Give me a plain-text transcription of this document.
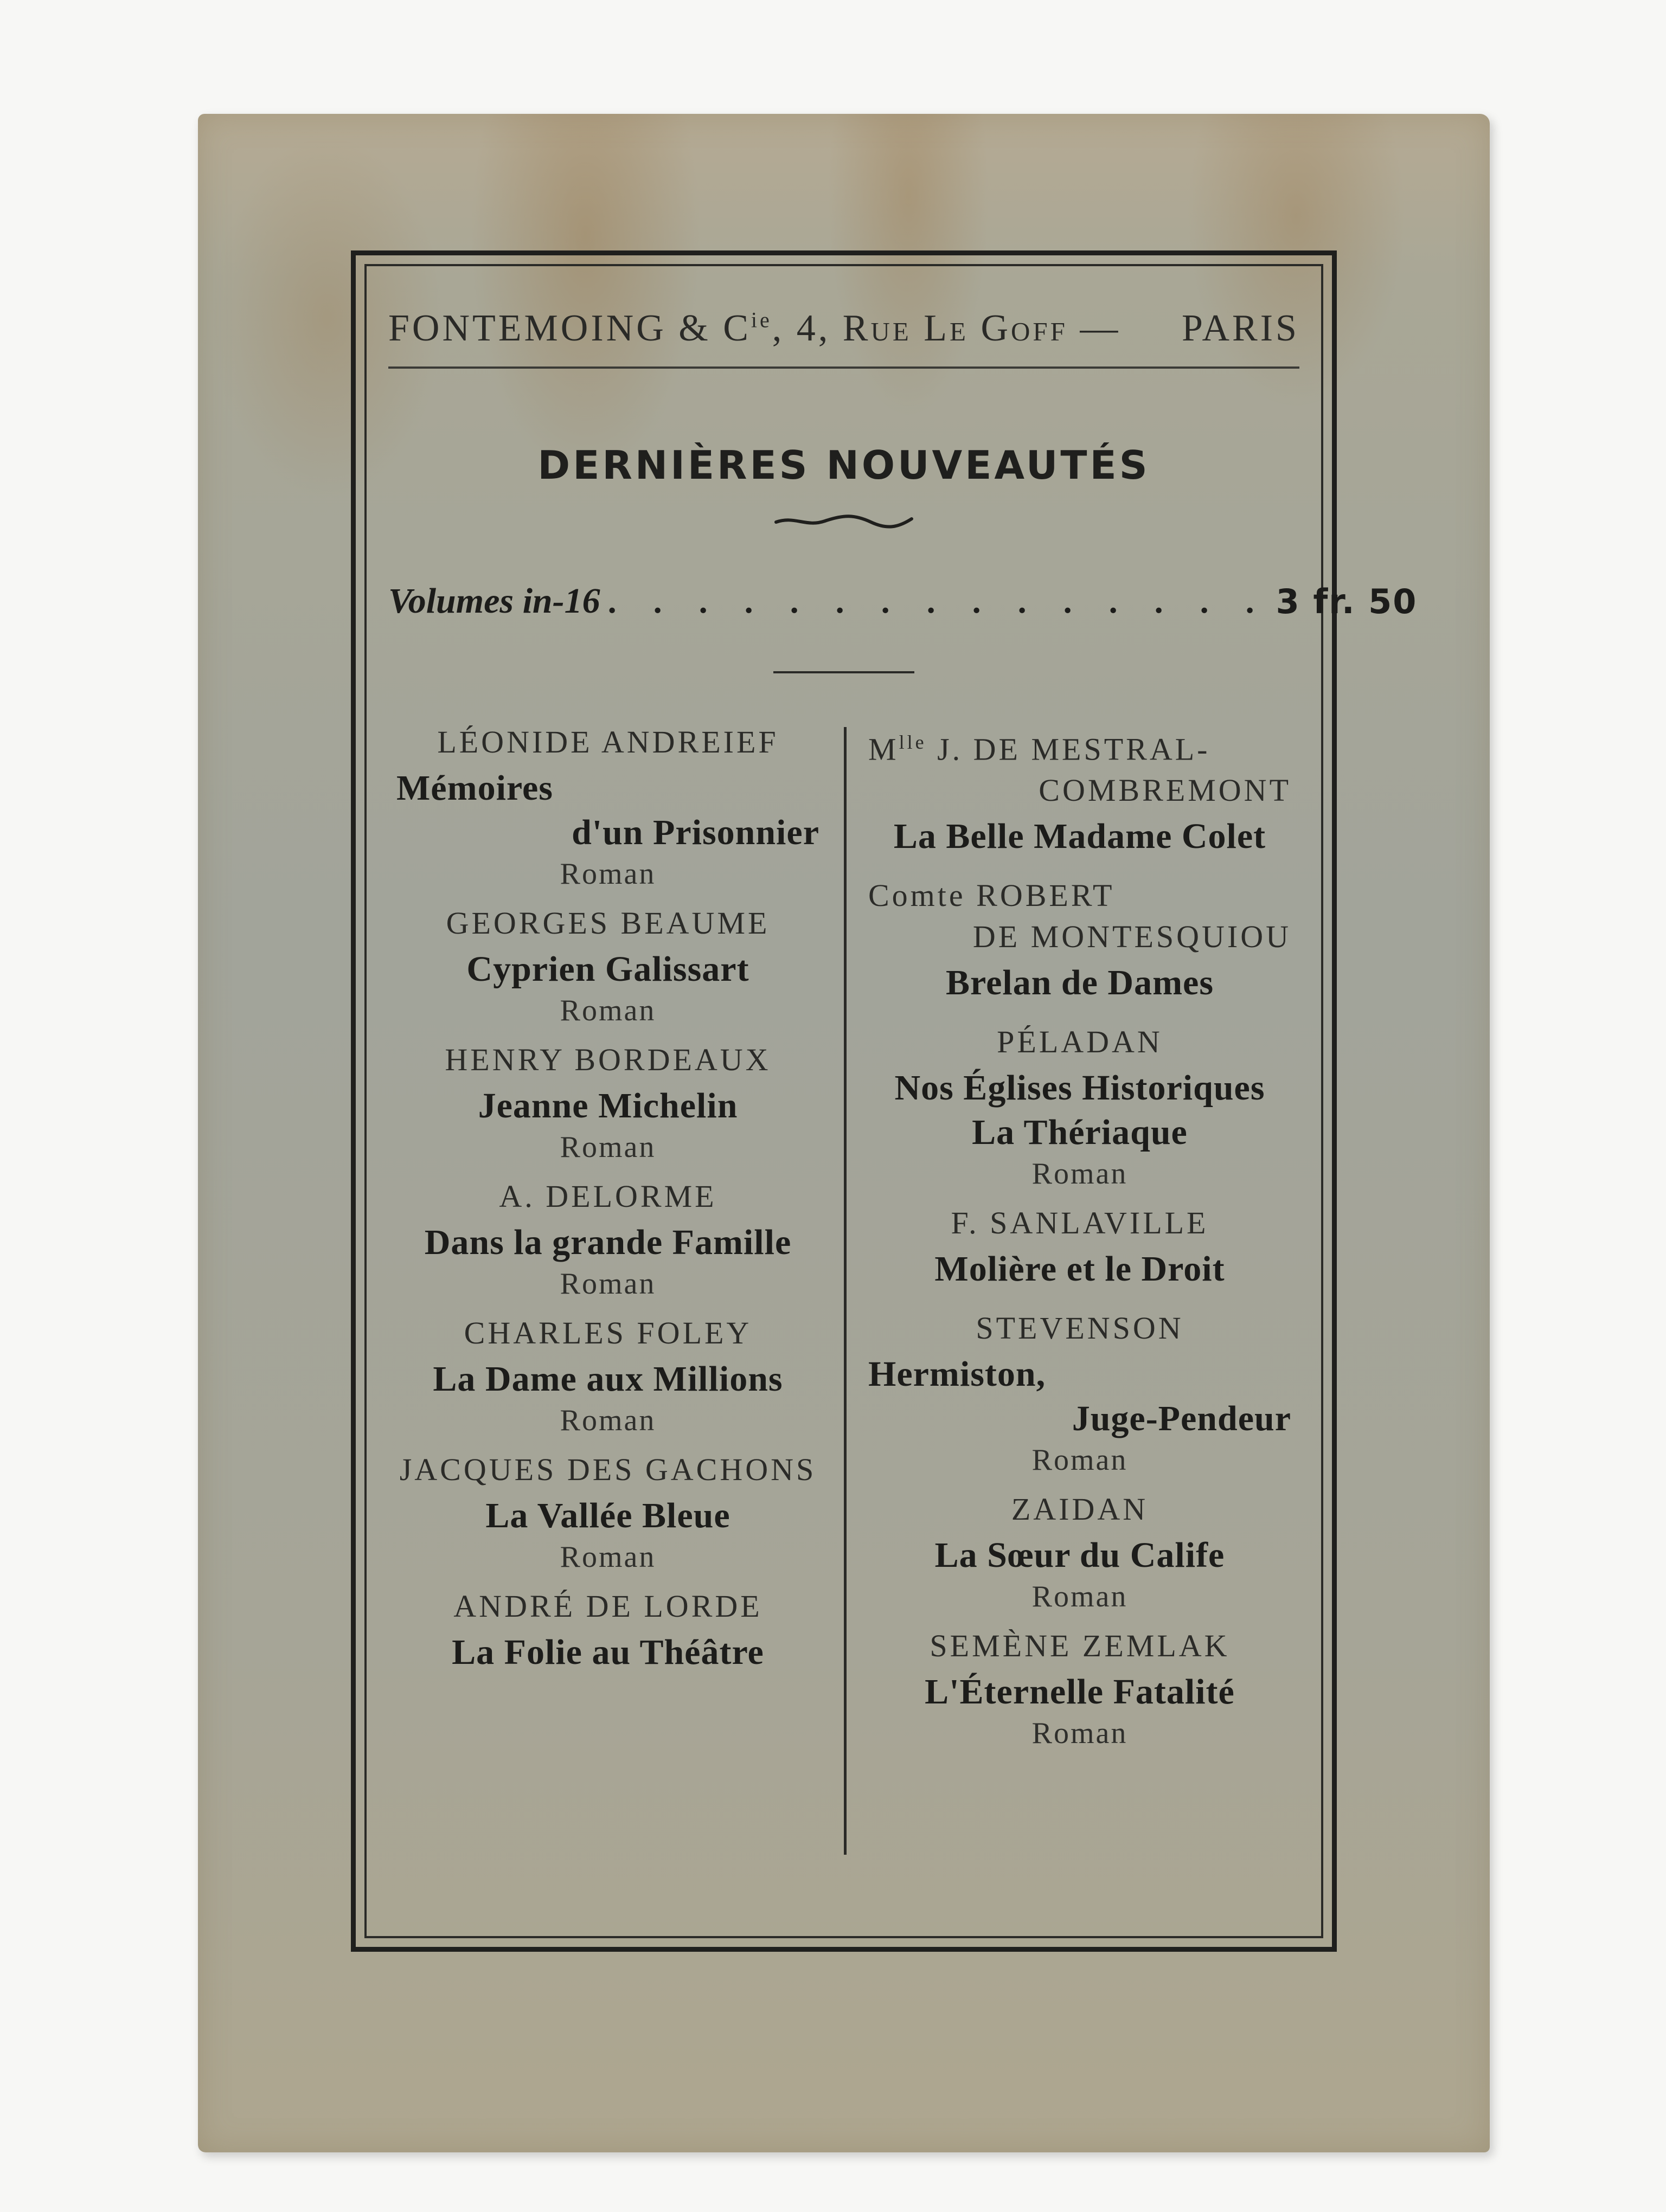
FONTEMOING & $C^{ie}$, 4, Rue Le Goff — PARIS
DERNIÈRES NOUVEAUTÉS
Volumes in-16 . . . . . . . . . . . . . . . 3 fr. 50
LÉONIDE ANDREIEF
Mémoires
d'un Prisonnier
Roman
GEORGES BEAUME
Cyprien Galissart
Roman
HENRY BORDEAUX
Jeanne Michelin
Roman
A. DELORME
Dans la grande Famille
Roman
CHARLES FOLEY
La Dame aux Millions
Roman
JACQUES DES GACHONS
La Vallée Bleue
Roman
ANDRÉ DE LORDE
La Folie au Théâtre
$M^{lle}$ J. DE MESTRAL-
COMBREMONT
La Belle Madame Colet
Comte ROBERT
DE MONTESQUIOU
Brelan de Dames
PÉLADAN
Nos Églises Historiques
La Thériaque
Roman
F. SANLAVILLE
Molière et le Droit
STEVENSON
Hermiston,
Juge-Pendeur
Roman
ZAIDAN
La Sœur du Calife
Roman
SEMÈNE ZEMLAK
L'Éternelle Fatalité
Roman
